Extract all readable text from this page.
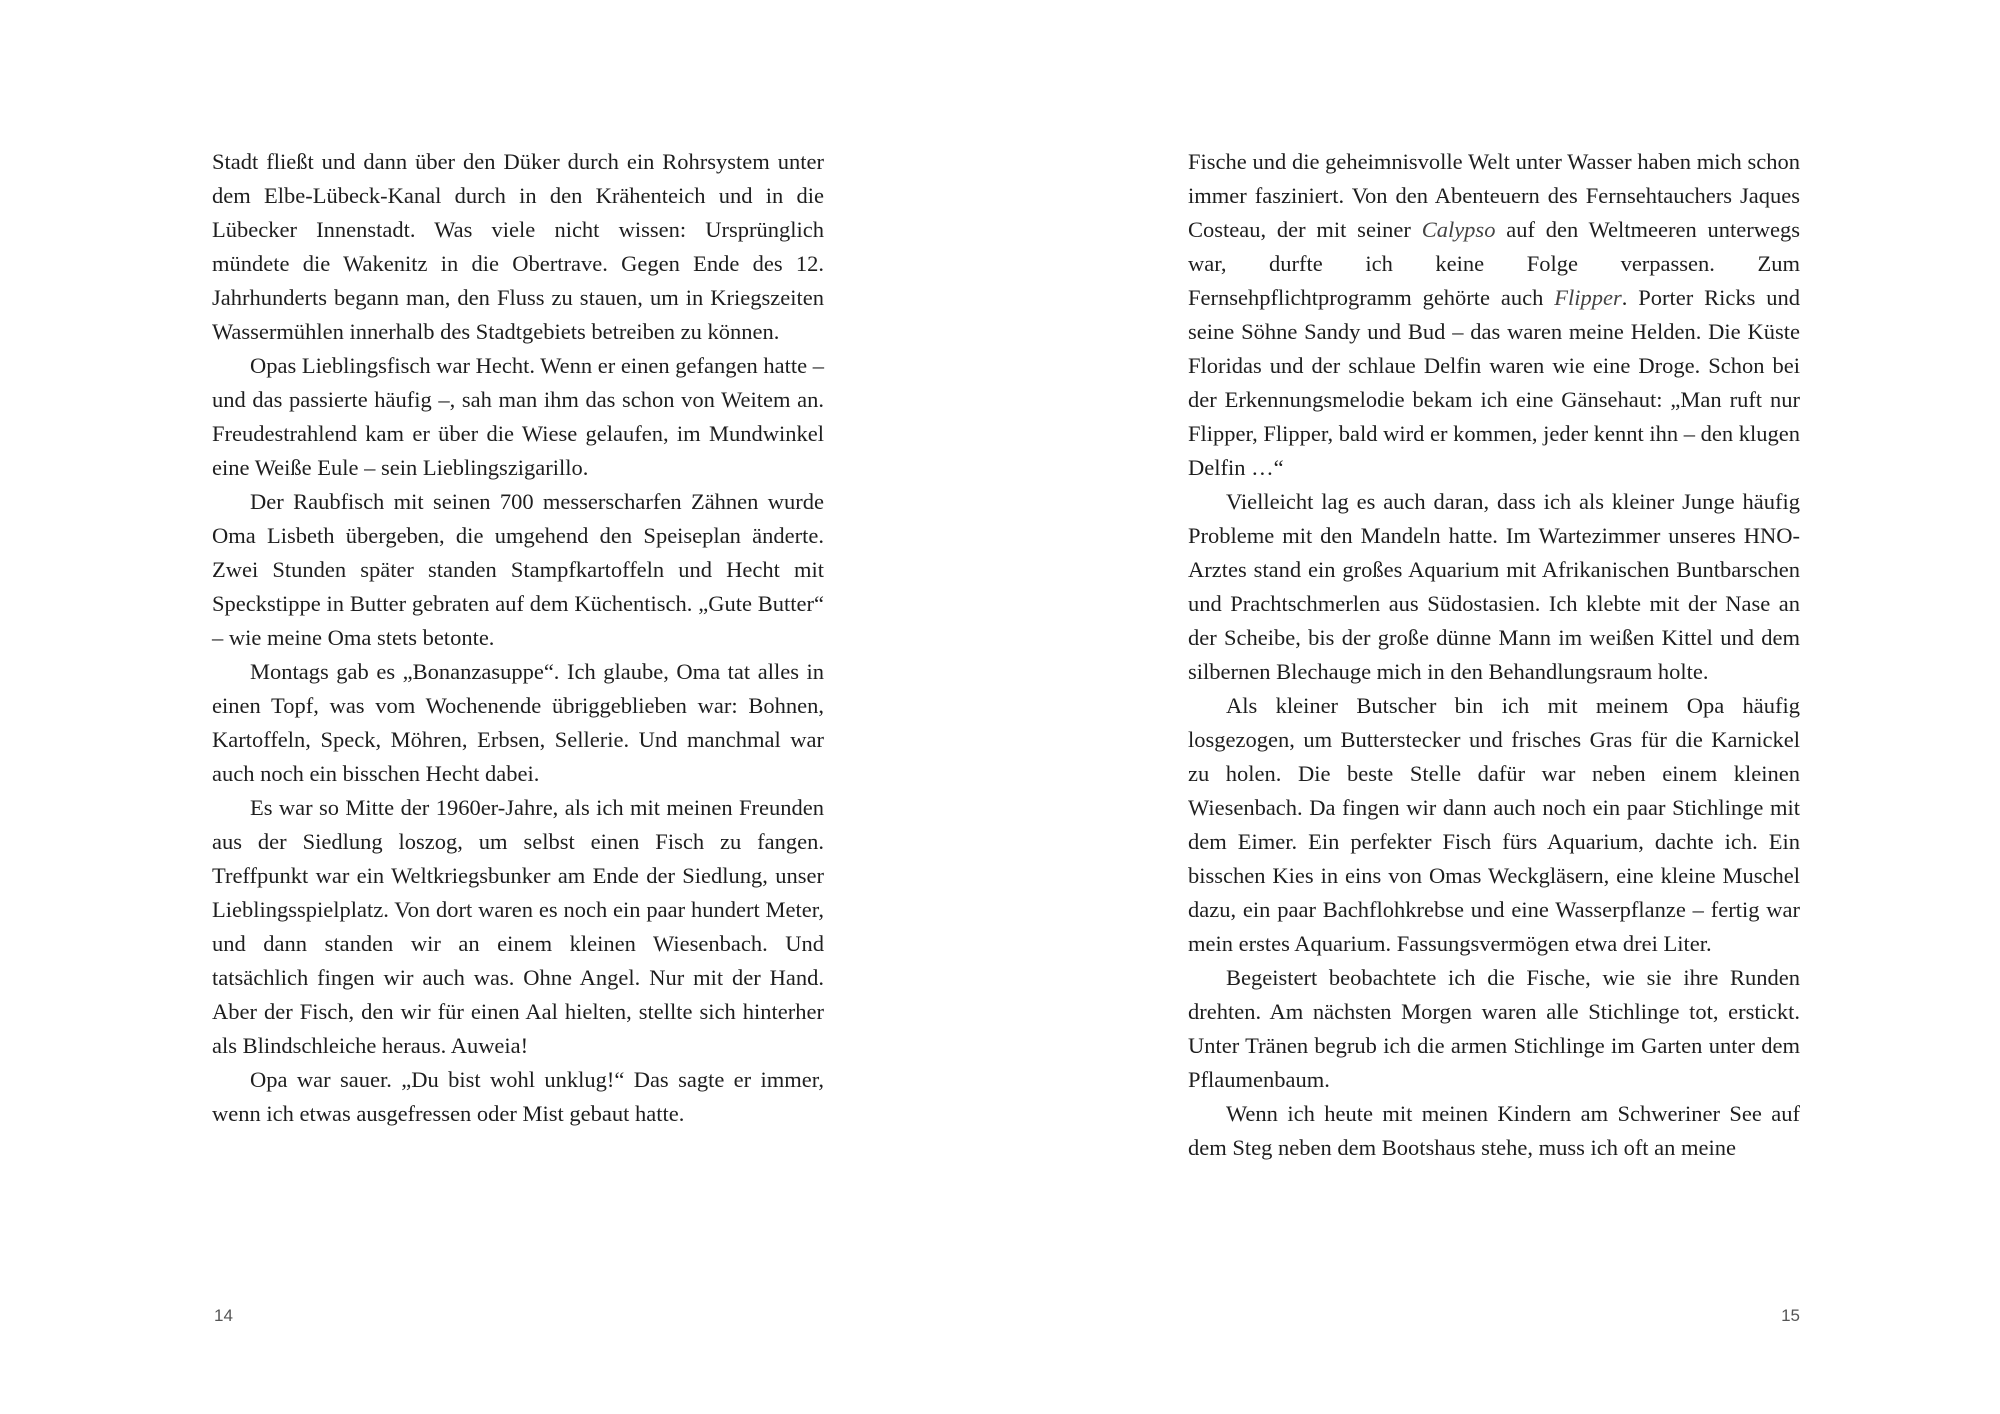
Stadt fließt und dann über den Düker durch ein Rohrsystem unter dem Elbe-Lübeck-Kanal durch in den Krähenteich und in die Lübecker Innenstadt. Was viele nicht wissen: Ursprünglich mündete die Wakenitz in die Obertrave. Gegen Ende des 12. Jahrhunderts begann man, den Fluss zu stauen, um in Kriegszeiten Wassermühlen innerhalb des Stadtgebiets betreiben zu können.

Opas Lieblingsfisch war Hecht. Wenn er einen gefangen hatte – und das passierte häufig –, sah man ihm das schon von Weitem an. Freudestrahlend kam er über die Wiese gelaufen, im Mundwinkel eine Weiße Eule – sein Lieblingszigarillo.

Der Raubfisch mit seinen 700 messerscharfen Zähnen wurde Oma Lisbeth übergeben, die umgehend den Speiseplan änderte. Zwei Stunden später standen Stampfkartoffeln und Hecht mit Speckstippe in Butter gebraten auf dem Küchentisch. „Gute Butter“ – wie meine Oma stets betonte.

Montags gab es „Bonanzasuppe“. Ich glaube, Oma tat alles in einen Topf, was vom Wochenende übriggeblieben war: Bohnen, Kartoffeln, Speck, Möhren, Erbsen, Sellerie. Und manchmal war auch noch ein bisschen Hecht dabei.

Es war so Mitte der 1960er-Jahre, als ich mit meinen Freunden aus der Siedlung loszog, um selbst einen Fisch zu fangen. Treffpunkt war ein Weltkriegsbunker am Ende der Siedlung, unser Lieblingsspielplatz. Von dort waren es noch ein paar hundert Meter, und dann standen wir an einem kleinen Wiesenbach. Und tatsächlich fingen wir auch was. Ohne Angel. Nur mit der Hand. Aber der Fisch, den wir für einen Aal hielten, stellte sich hinterher als Blindschleiche heraus. Auweia!

Opa war sauer. „Du bist wohl unklug!“ Das sagte er immer, wenn ich etwas ausgefressen oder Mist gebaut hatte.

14

Fische und die geheimnisvolle Welt unter Wasser haben mich schon immer fasziniert. Von den Abenteuern des Fernsehtauchers Jaques Costeau, der mit seiner Calypso auf den Weltmeeren unterwegs war, durfte ich keine Folge verpassen. Zum Fernsehpflichtprogramm gehörte auch Flipper. Porter Ricks und seine Söhne Sandy und Bud – das waren meine Helden. Die Küste Floridas und der schlaue Delfin waren wie eine Droge. Schon bei der Erkennungsmelodie bekam ich eine Gänsehaut: „Man ruft nur Flipper, Flipper, bald wird er kommen, jeder kennt ihn – den klugen Delfin …“

Vielleicht lag es auch daran, dass ich als kleiner Junge häufig Probleme mit den Mandeln hatte. Im Wartezimmer unseres HNO-Arztes stand ein großes Aquarium mit Afrikanischen Buntbarschen und Prachtschmerlen aus Südostasien. Ich klebte mit der Nase an der Scheibe, bis der große dünne Mann im weißen Kittel und dem silbernen Blechauge mich in den Behandlungsraum holte.

Als kleiner Butscher bin ich mit meinem Opa häufig losgezogen, um Butterstecker und frisches Gras für die Karnickel zu holen. Die beste Stelle dafür war neben einem kleinen Wiesenbach. Da fingen wir dann auch noch ein paar Stichlinge mit dem Eimer. Ein perfekter Fisch fürs Aquarium, dachte ich. Ein bisschen Kies in eins von Omas Weckgläsern, eine kleine Muschel dazu, ein paar Bachflohkrebse und eine Wasserpflanze – fertig war mein erstes Aquarium. Fassungsvermögen etwa drei Liter.

Begeistert beobachtete ich die Fische, wie sie ihre Runden drehten. Am nächsten Morgen waren alle Stichlinge tot, erstickt. Unter Tränen begrub ich die armen Stichlinge im Garten unter dem Pflaumenbaum.

Wenn ich heute mit meinen Kindern am Schweriner See auf dem Steg neben dem Bootshaus stehe, muss ich oft an meine

15
